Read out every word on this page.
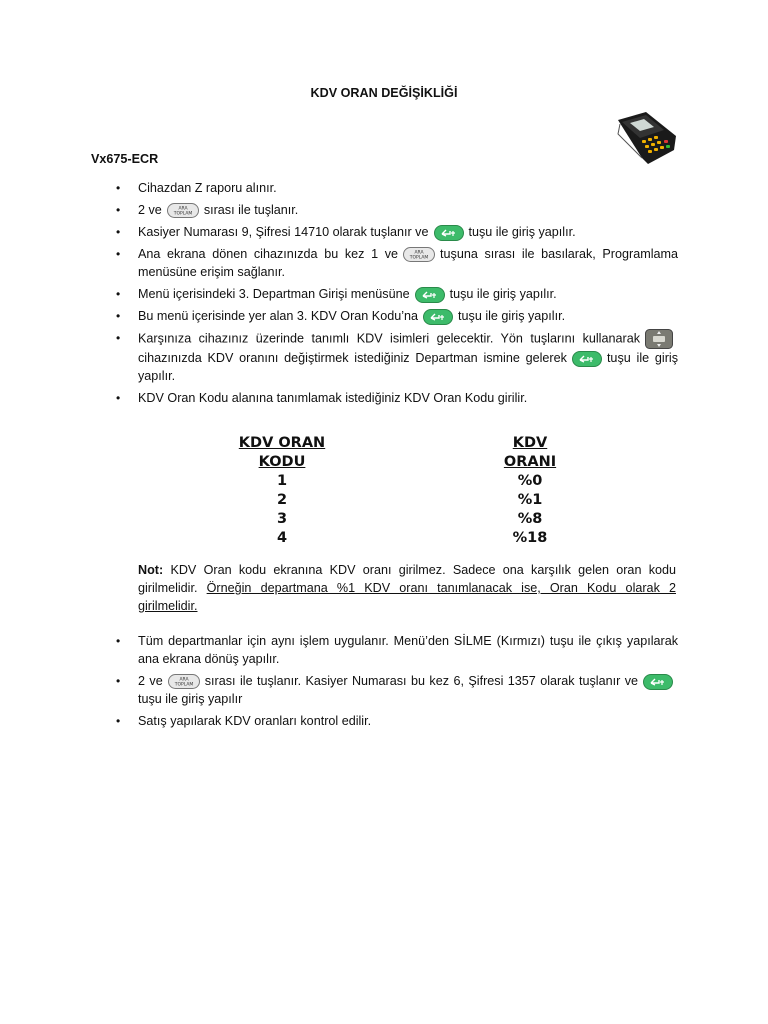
KDV ORAN DEĞİŞİKLİĞİ
Vx675-ECR
• Cihazdan Z raporu alınır.
• 2 ve	ARA
TOPLAM sırası ile tuşlanır.
• Kasiyer Numarası 9, Şifresi 14710 olarak tuşlanır ve	tuşu ile giriş yapılır.
• Ana ekrana dönen cihazınızda bu kez 1 ve	ARA
TOPLAM tuşuna sırası ile basılarak, Programlama menüsüne erişim sağlanır.
• Menü içerisindeki 3. Departman Girişi menüsüne	tuşu ile giriş yapılır.
• Bu menü içerisinde yer alan 3. KDV Oran Kodu’na	tuşu ile giriş yapılır.
• Karşınıza cihazınız üzerinde tanımlı KDV isimleri gelecektir. Yön tuşlarını kullanarak
cihazınızda KDV oranını değiştirmek istediğiniz Departman ismine gelerek	tuşu ile giriş yapılır.
• KDV Oran Kodu alanına tanımlamak istediğiniz KDV Oran Kodu girilir.
KDV ORAN		KDV
KODU		ORANI
1		%0
2		%1
3		%8
4		%18
Not: KDV Oran kodu ekranına KDV oranı girilmez. Sadece ona karşılık gelen oran kodu girilmelidir. Örneğin departmana %1 KDV oranı tanımlanacak ise, Oran Kodu olarak 2 girilmelidir.
• Tüm departmanlar için aynı işlem uygulanır. Menü’den SİLME (Kırmızı) tuşu ile çıkış yapılarak ana ekrana dönüş yapılır.
• 2 ve	ARA
TOPLAM sırası ile tuşlanır. Kasiyer Numarası bu kez 6, Şifresi 1357 olarak tuşlanır ve
tuşu ile giriş yapılır
• Satış yapılarak KDV oranları kontrol edilir.
